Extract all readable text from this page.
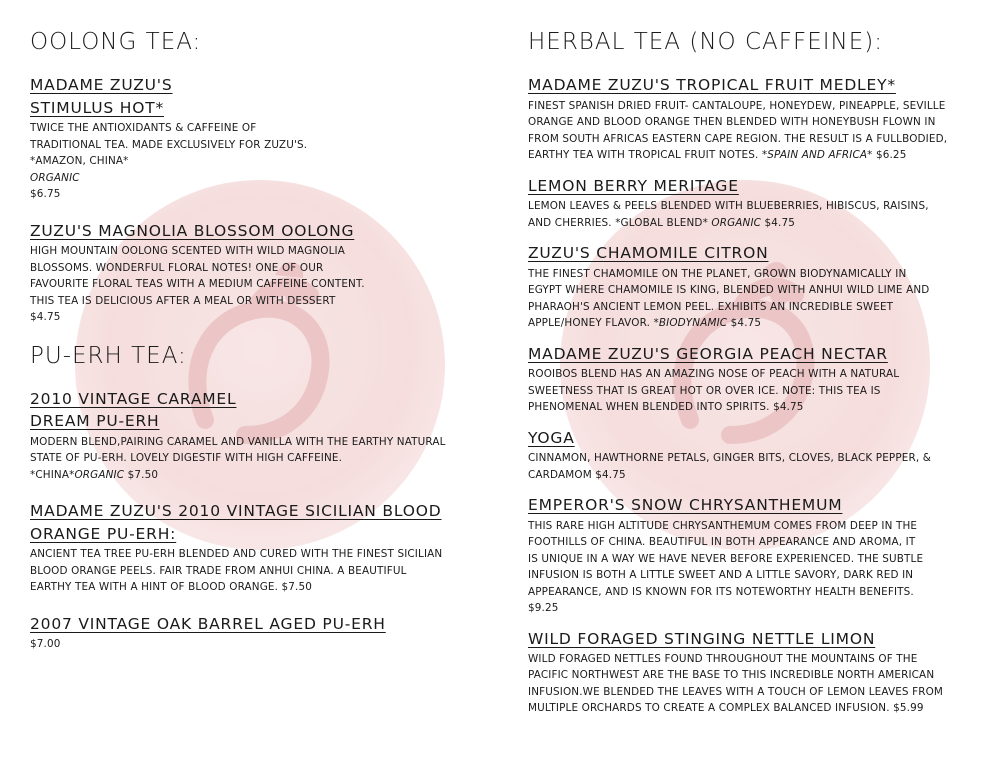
OOLONG TEA:
MADAME ZUZU'S
STIMULUS HOT*

TWICE THE ANTIOXIDANTS & CAFFEINE OF
TRADITIONAL TEA. MADE EXCLUSIVELY FOR ZUZU'S.
*AMAZON, CHINA*
ORGANIC
$6.75

ZUZU'S MAGNOLIA BLOSSOM OOLONG

HIGH MOUNTAIN OOLONG SCENTED WITH WILD MAGNOLIA
BLOSSOMS. WONDERFUL FLORAL NOTES! ONE OF OUR
FAVOURITE FLORAL TEAS WITH A MEDIUM CAFFEINE CONTENT.
THIS TEA IS DELICIOUS AFTER A MEAL OR WITH DESSERT
$4.75

PU-ERH TEA:
2010 VINTAGE CARAMEL
DREAM PU-ERH

MODERN BLEND,PAIRING CARAMEL AND VANILLA WITH THE EARTHY NATURAL
STATE OF PU-ERH. LOVELY DIGESTIF WITH HIGH CAFFEINE.
*CHINA*ORGANIC $7.50

MADAME ZUZU'S 2010 VINTAGE SICILIAN BLOOD
ORANGE PU-ERH:

ANCIENT TEA TREE PU-ERH BLENDED AND CURED WITH THE FINEST SICILIAN
BLOOD ORANGE PEELS. FAIR TRADE FROM ANHUI CHINA. A BEAUTIFUL
EARTHY TEA WITH A HINT OF BLOOD ORANGE. $7.50

2007 VINTAGE OAK BARREL AGED PU-ERH

$7.00

HERBAL TEA (NO CAFFEINE):
MADAME ZUZU'S TROPICAL FRUIT MEDLEY*

FINEST SPANISH DRIED FRUIT- CANTALOUPE, HONEYDEW, PINEAPPLE, SEVILLE
ORANGE AND BLOOD ORANGE THEN BLENDED WITH HONEYBUSH FLOWN IN
FROM SOUTH AFRICAS EASTERN CAPE REGION. THE RESULT IS A FULLBODIED,
EARTHY TEA WITH TROPICAL FRUIT NOTES. *SPAIN AND AFRICA* $6.25

LEMON BERRY MERITAGE

LEMON LEAVES & PEELS BLENDED WITH BLUEBERRIES, HIBISCUS, RAISINS,
AND CHERRIES. *GLOBAL BLEND* ORGANIC $4.75

ZUZU'S CHAMOMILE CITRON

THE FINEST CHAMOMILE ON THE PLANET, GROWN BIODYNAMICALLY IN
EGYPT WHERE CHAMOMILE IS KING, BLENDED WITH ANHUI WILD LIME AND
PHARAOH'S ANCIENT LEMON PEEL. EXHIBITS AN INCREDIBLE SWEET
APPLE/HONEY FLAVOR. *BIODYNAMIC $4.75

MADAME ZUZU'S GEORGIA PEACH NECTAR

ROOIBOS BLEND HAS AN AMAZING NOSE OF PEACH WITH A NATURAL
SWEETNESS THAT IS GREAT HOT OR OVER ICE. NOTE: THIS TEA IS
PHENOMENAL WHEN BLENDED INTO SPIRITS. $4.75

YOGA

CINNAMON, HAWTHORNE PETALS, GINGER BITS, CLOVES, BLACK PEPPER, &
CARDAMOM $4.75

EMPEROR'S SNOW CHRYSANTHEMUM

THIS RARE HIGH ALTITUDE CHRYSANTHEMUM COMES FROM DEEP IN THE
FOOTHILLS OF CHINA. BEAUTIFUL IN BOTH APPEARANCE AND AROMA, IT
IS UNIQUE IN A WAY WE HAVE NEVER BEFORE EXPERIENCED. THE SUBTLE
INFUSION IS BOTH A LITTLE SWEET AND A LITTLE SAVORY, DARK RED IN
APPEARANCE, AND IS KNOWN FOR ITS NOTEWORTHY HEALTH BENEFITS.
$9.25

WILD FORAGED STINGING NETTLE LIMON

WILD FORAGED NETTLES FOUND THROUGHOUT THE MOUNTAINS OF THE
PACIFIC NORTHWEST ARE THE BASE TO THIS INCREDIBLE NORTH AMERICAN
INFUSION.WE BLENDED THE LEAVES WITH A TOUCH OF LEMON LEAVES FROM
MULTIPLE ORCHARDS TO CREATE A COMPLEX BALANCED INFUSION. $5.99
